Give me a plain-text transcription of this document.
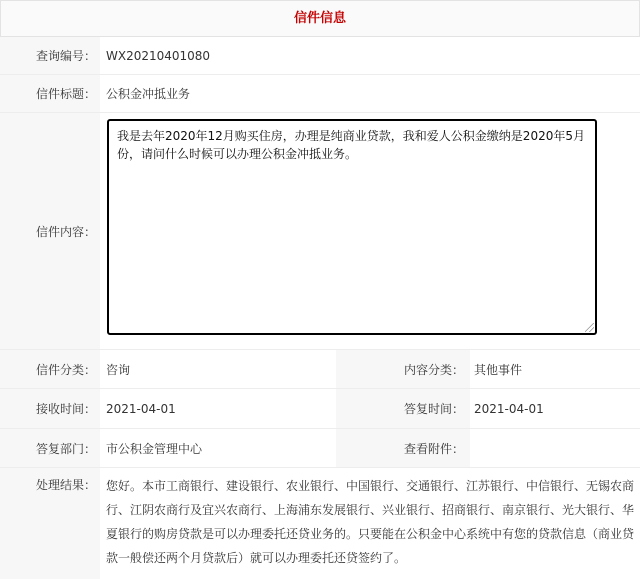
信件信息
查询编号： WX20210401080
信件标题： 公积金冲抵业务
信件内容：
我是去年2020年12月购买住房，办理是纯商业贷款，我和爱人公积金缴纳是2020年5月份，请问什么时候可以办理公积金冲抵业务。
信件分类： 咨询	内容分类： 其他事件
接收时间： 2021-04-01	答复时间： 2021-04-01
答复部门： 市公积金管理中心	查看附件：
处理结果： 您好。本市工商银行、建设银行、农业银行、中国银行、交通银行、江苏银行、中信银行、无锡农商行、江阴农商行及宜兴农商行、上海浦东发展银行、兴业银行、招商银行、南京银行、光大银行、华夏银行的购房贷款是可以办理委托还贷业务的。只要能在公积金中心系统中有您的贷款信息（商业贷款一般偿还两个月贷款后）就可以办理委托还贷签约了。
